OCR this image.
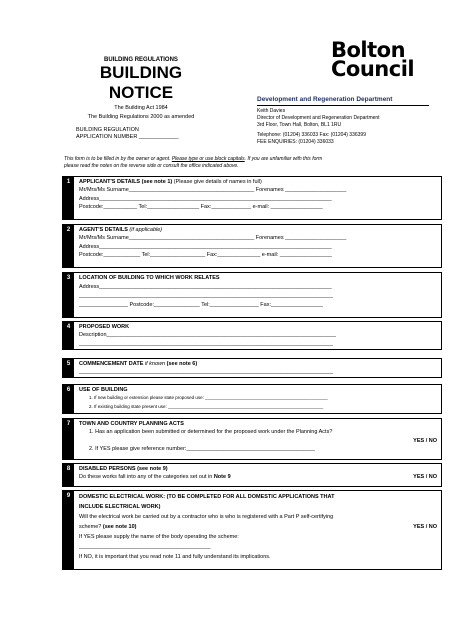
BUILDING REGULATIONS
BUILDING
NOTICE
The Building Act 1984
The Building Regulations 2000 as amended
BUILDING REGULATION
APPLICATION NUMBER _____________
Bolton
Council
Development and Regeneration Department
Keith Davies
Director of Development and Regeneration Department
3rd Floor, Town Hall, Bolton, BL1 1RU
Telephone: (01204) 336033 Fax: (01204) 336399
FEE ENQUIRIES: (01204) 336033
This form is to be filled in by the owner or agent. Please type or use block capitals. If you are unfamiliar with this form
please read the notes on the reverse side or consult the office indicated above.
1	APPLICANT'S DETAILS (see note 1) (Please give details of names in full)
Mr/Mrs/Ms Surname_________________________________________ Forenames ____________________
Address____________________________________________________________________________
Postcode:___________ Tel:_________________ Fax:_____________ e-mail: _________________
2	AGENT'S DETAILS (if applicable)
Mr/Mrs/Ms Surname_________________________________________ Forenames ____________________
Address____________________________________________________________________________
Postcode:____________ Tel:__________________ Fax:______________ e-mail: _________________
3	LOCATION OF BUILDING TO WHICH WORK RELATES
Address____________________________________________________________________________
___________________________________________________________________________________
________________ Postcode:_______________ Tel:________________ Fax:_________________
4	PROPOSED WORK
Description___________________________________________________________________________
___________________________________________________________________________________
5	COMMENCEMENT DATE if known (see note 6)
___________________________________________________________________________________
6	USE OF BUILDING
1. If new building or extension please state proposed use: _________________________________________________
2. If existing building state present use: ______________________________________________________________
7	TOWN AND COUNTRY PLANNING ACTS
1. Has an application been submitted or determined for the proposed work under the Planning Acts?
YES / NO

2. If YES please give reference number:__________________________________________
8	DISABLED PERSONS (see note 9)
Do these works fall into any of the categories set out in Note 9	YES / NO
9	DOMESTIC ELECTRICAL WORK: (TO BE COMPLETED FOR ALL DOMESTIC APPLICATIONS THAT
INCLUDE ELECTRICAL WORK)
Will the electrical work be carried out by a contractor who is who is registered with a Part P self-certifying
scheme? (see note 10)	YES / NO
If YES please supply the name of the body operating the scheme:
___________________________________________
If NO, it is important that you read note 11 and fully understand its implications.
